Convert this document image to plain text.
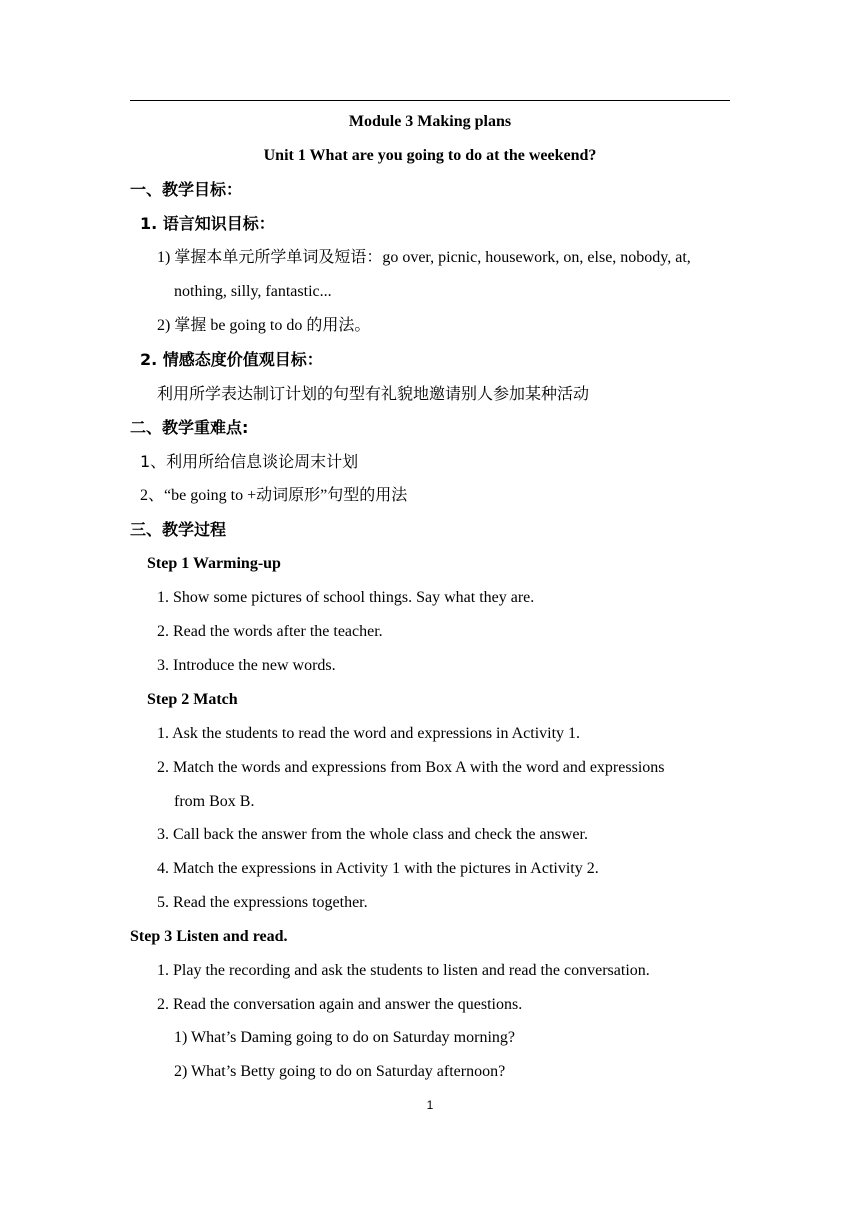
Module 3 Making plans
Unit 1 What are you going to do at the weekend?
一、教学目标：
1. 语言知识目标：
1) 掌握本单元所学单词及短语：go over, picnic, housework, on, else, nobody, at,
nothing, silly, fantastic...
2) 掌握 be going to do 的用法。
2. 情感态度价值观目标：
利用所学表达制订计划的句型有礼貌地邀请别人参加某种活动
二、教学重难点:
1、利用所给信息谈论周末计划
2、“be going to +动词原形”句型的用法
三、教学过程
Step 1 Warming-up
1. Show some pictures of school things. Say what they are.
2. Read the words after the teacher.
3. Introduce the new words.
Step 2 Match
1. Ask the students to read the word and expressions in Activity 1.
2. Match the words and expressions from Box A with the word and expressions
from Box B.
3. Call back the answer from the whole class and check the answer.
4. Match the expressions in Activity 1 with the pictures in Activity 2.
5. Read the expressions together.
Step 3 Listen and read.
1. Play the recording and ask the students to listen and read the conversation.
2. Read the conversation again and answer the questions.
1) What’s Daming going to do on Saturday morning?
2) What’s Betty going to do on Saturday afternoon?
1
